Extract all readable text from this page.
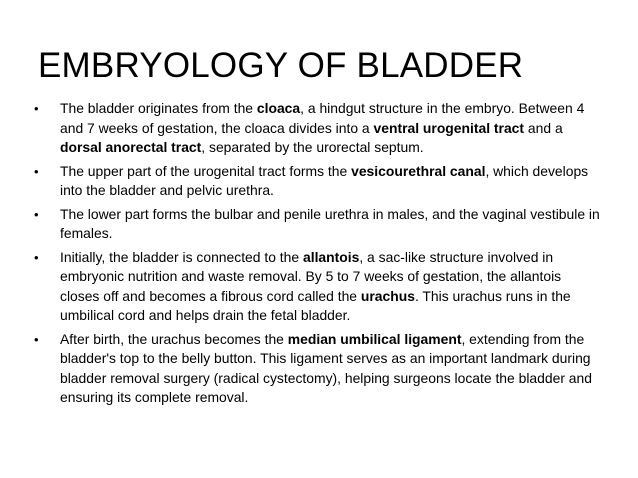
EMBRYOLOGY OF BLADDER
• The bladder originates from the cloaca, a hindgut structure in the embryo. Between 4 and 7 weeks of gestation, the cloaca divides into a ventral urogenital tract and a dorsal anorectal tract, separated by the urorectal septum.
• The upper part of the urogenital tract forms the vesicourethral canal, which develops into the bladder and pelvic urethra.
• The lower part forms the bulbar and penile urethra in males, and the vaginal vestibule in females.
• Initially, the bladder is connected to the allantois, a sac-like structure involved in embryonic nutrition and waste removal. By 5 to 7 weeks of gestation, the allantois closes off and becomes a fibrous cord called the urachus. This urachus runs in the umbilical cord and helps drain the fetal bladder.
• After birth, the urachus becomes the median umbilical ligament, extending from the bladder's top to the belly button. This ligament serves as an important landmark during bladder removal surgery (radical cystectomy), helping surgeons locate the bladder and ensuring its complete removal.
